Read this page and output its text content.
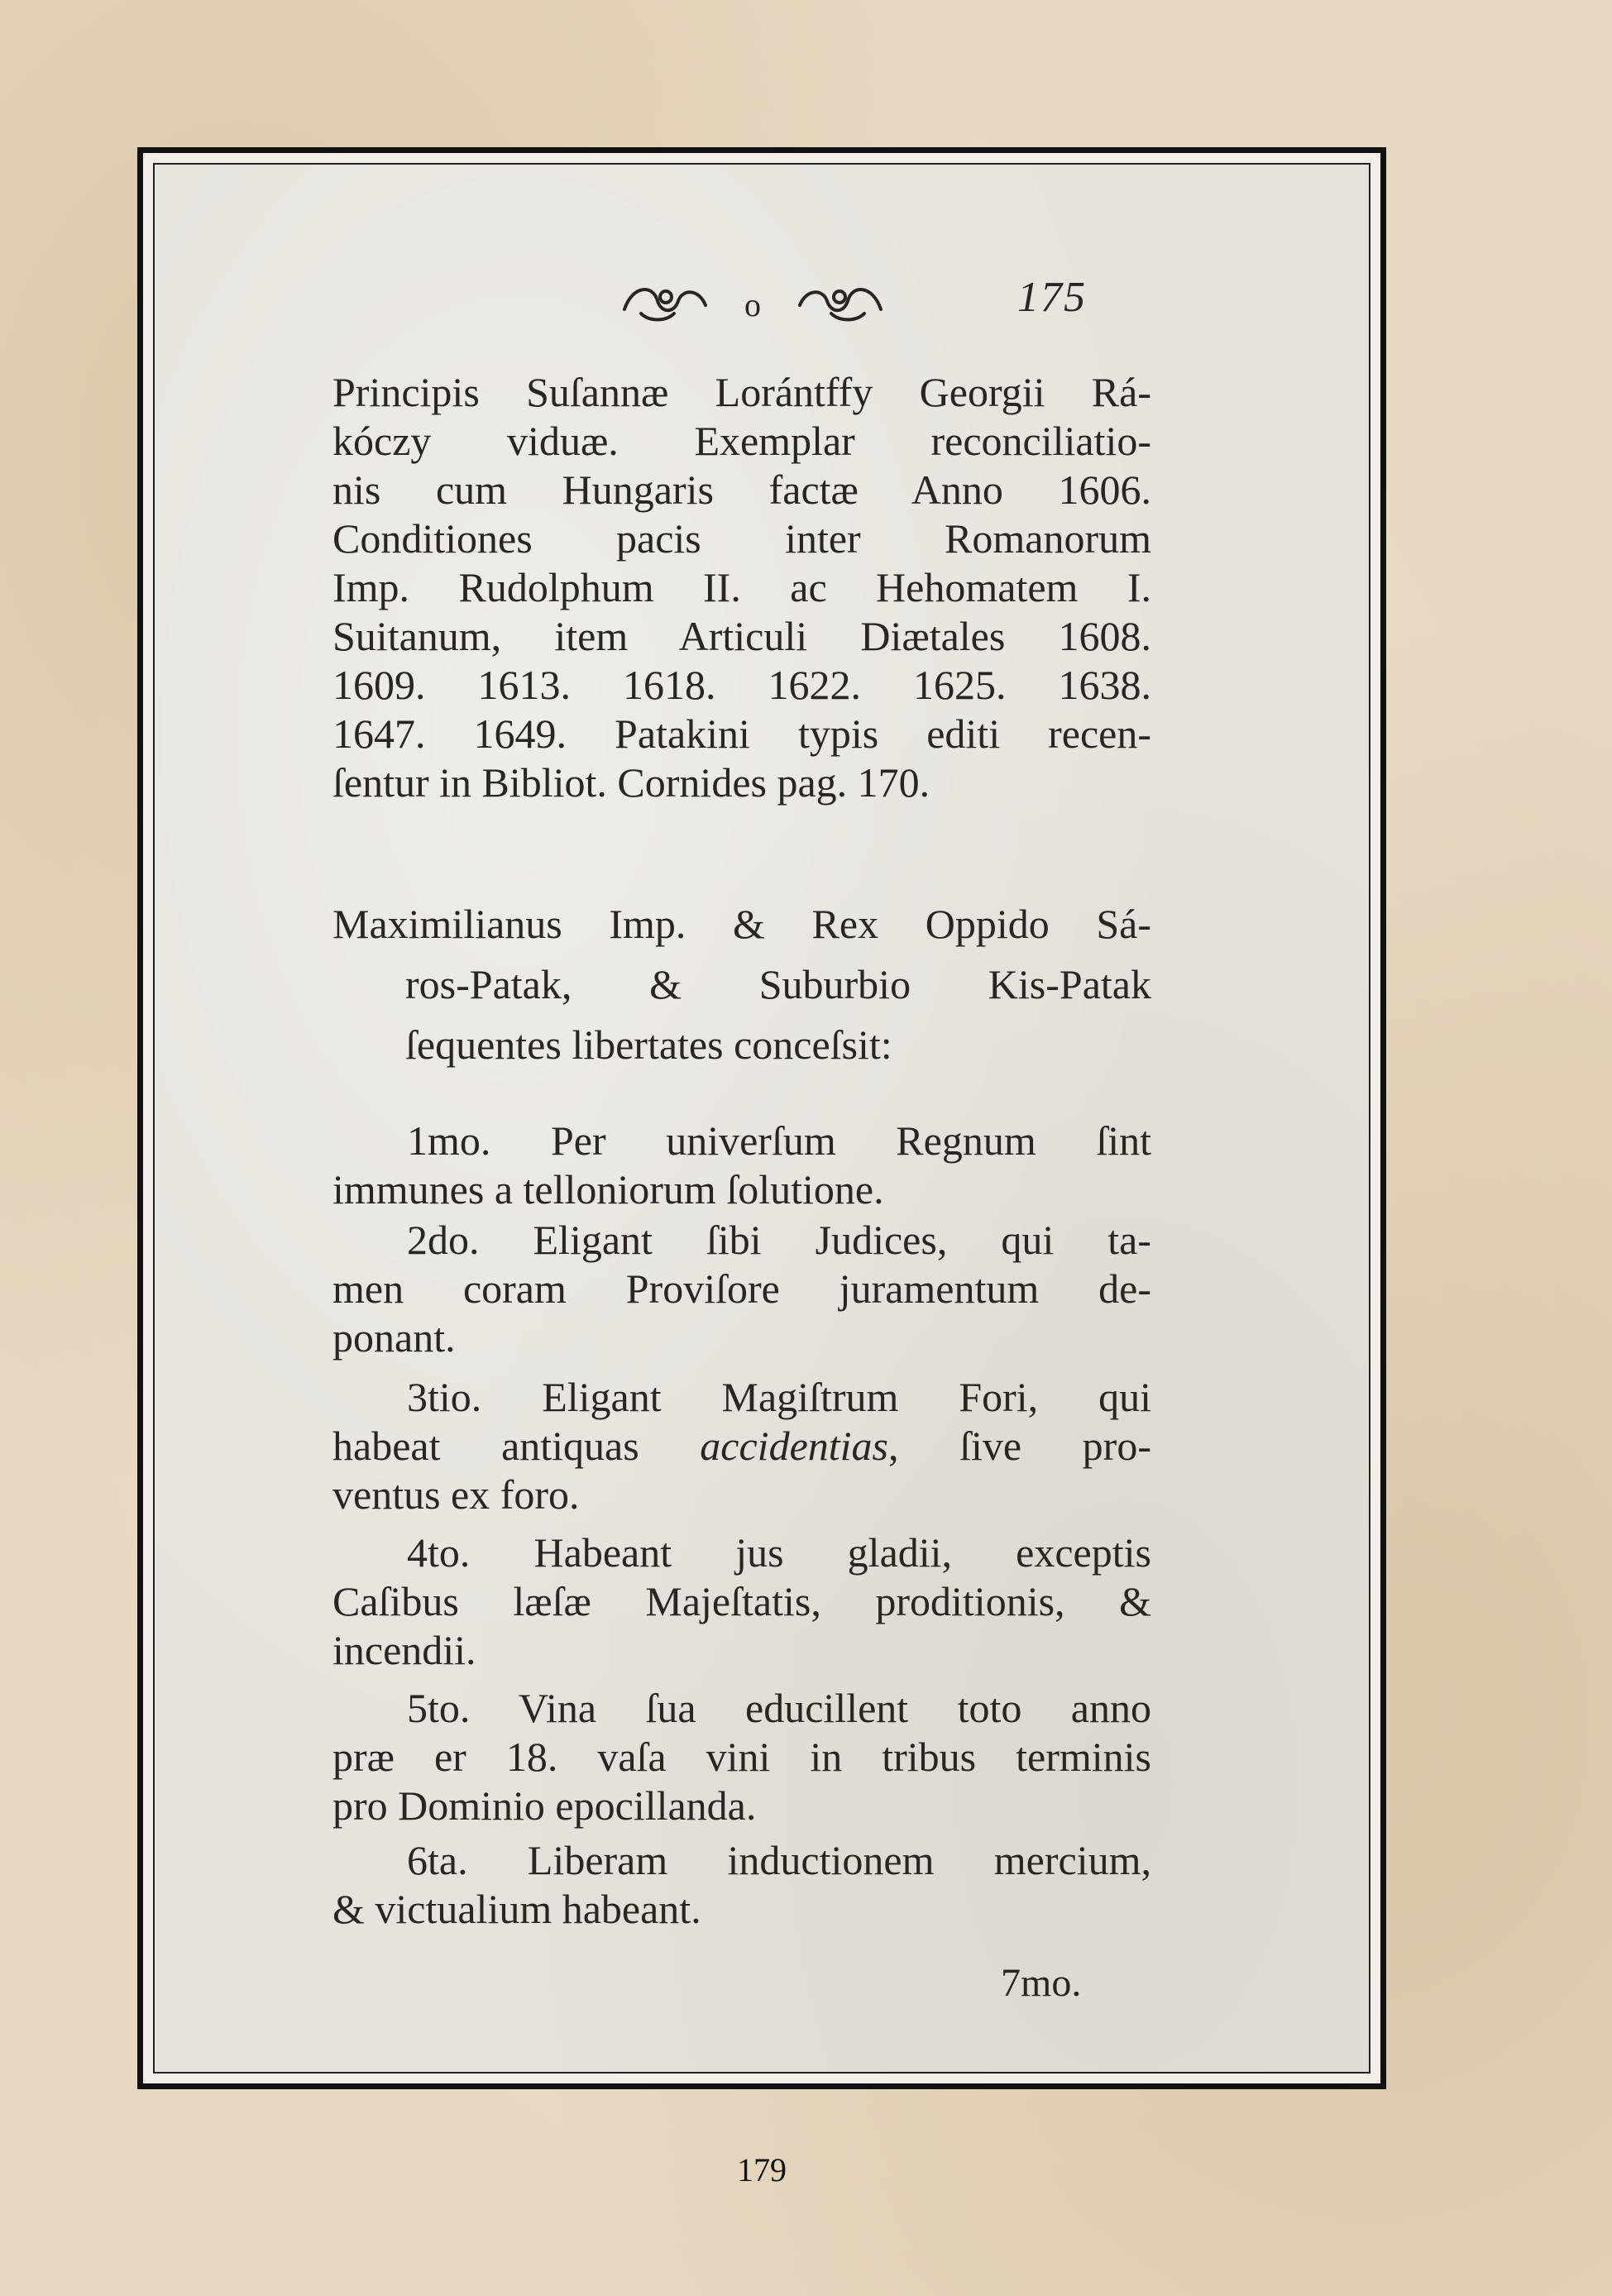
o	175
Principis Suſannæ Lorántffy Georgii Rá-
kóczy viduæ. Exemplar reconciliatio-
nis cum Hungaris factæ Anno 1606.
Conditiones pacis inter Romanorum
Imp. Rudolphum II. ac Hehomatem I.
Suitanum, item Articuli Diætales 1608.
1609. 1613. 1618. 1622. 1625. 1638.
1647. 1649. Patakini typis editi recen-
ſentur in Bibliot. Cornides pag. 170.
Maximilianus Imp. & Rex Oppido Sá-
ros-Patak, & Suburbio Kis-Patak
ſequentes libertates conceſsit:
1mo. Per univerſum Regnum ſint
immunes a telloniorum ſolutione.
2do. Eligant ſibi Judices, qui ta-
men coram Proviſore juramentum de-
ponant.
3tio. Eligant Magiſtrum Fori, qui
habeat antiquas accidentias, ſive pro-
ventus ex foro.
4to. Habeant jus gladii, exceptis
Caſibus læſæ Majeſtatis, proditionis, &
incendii.
5to. Vina ſua educillent toto anno
præ er 18. vaſa vini in tribus terminis
pro Dominio epocillanda.
6ta. Liberam inductionem mercium,
& victualium habeant.
7mo.
179
